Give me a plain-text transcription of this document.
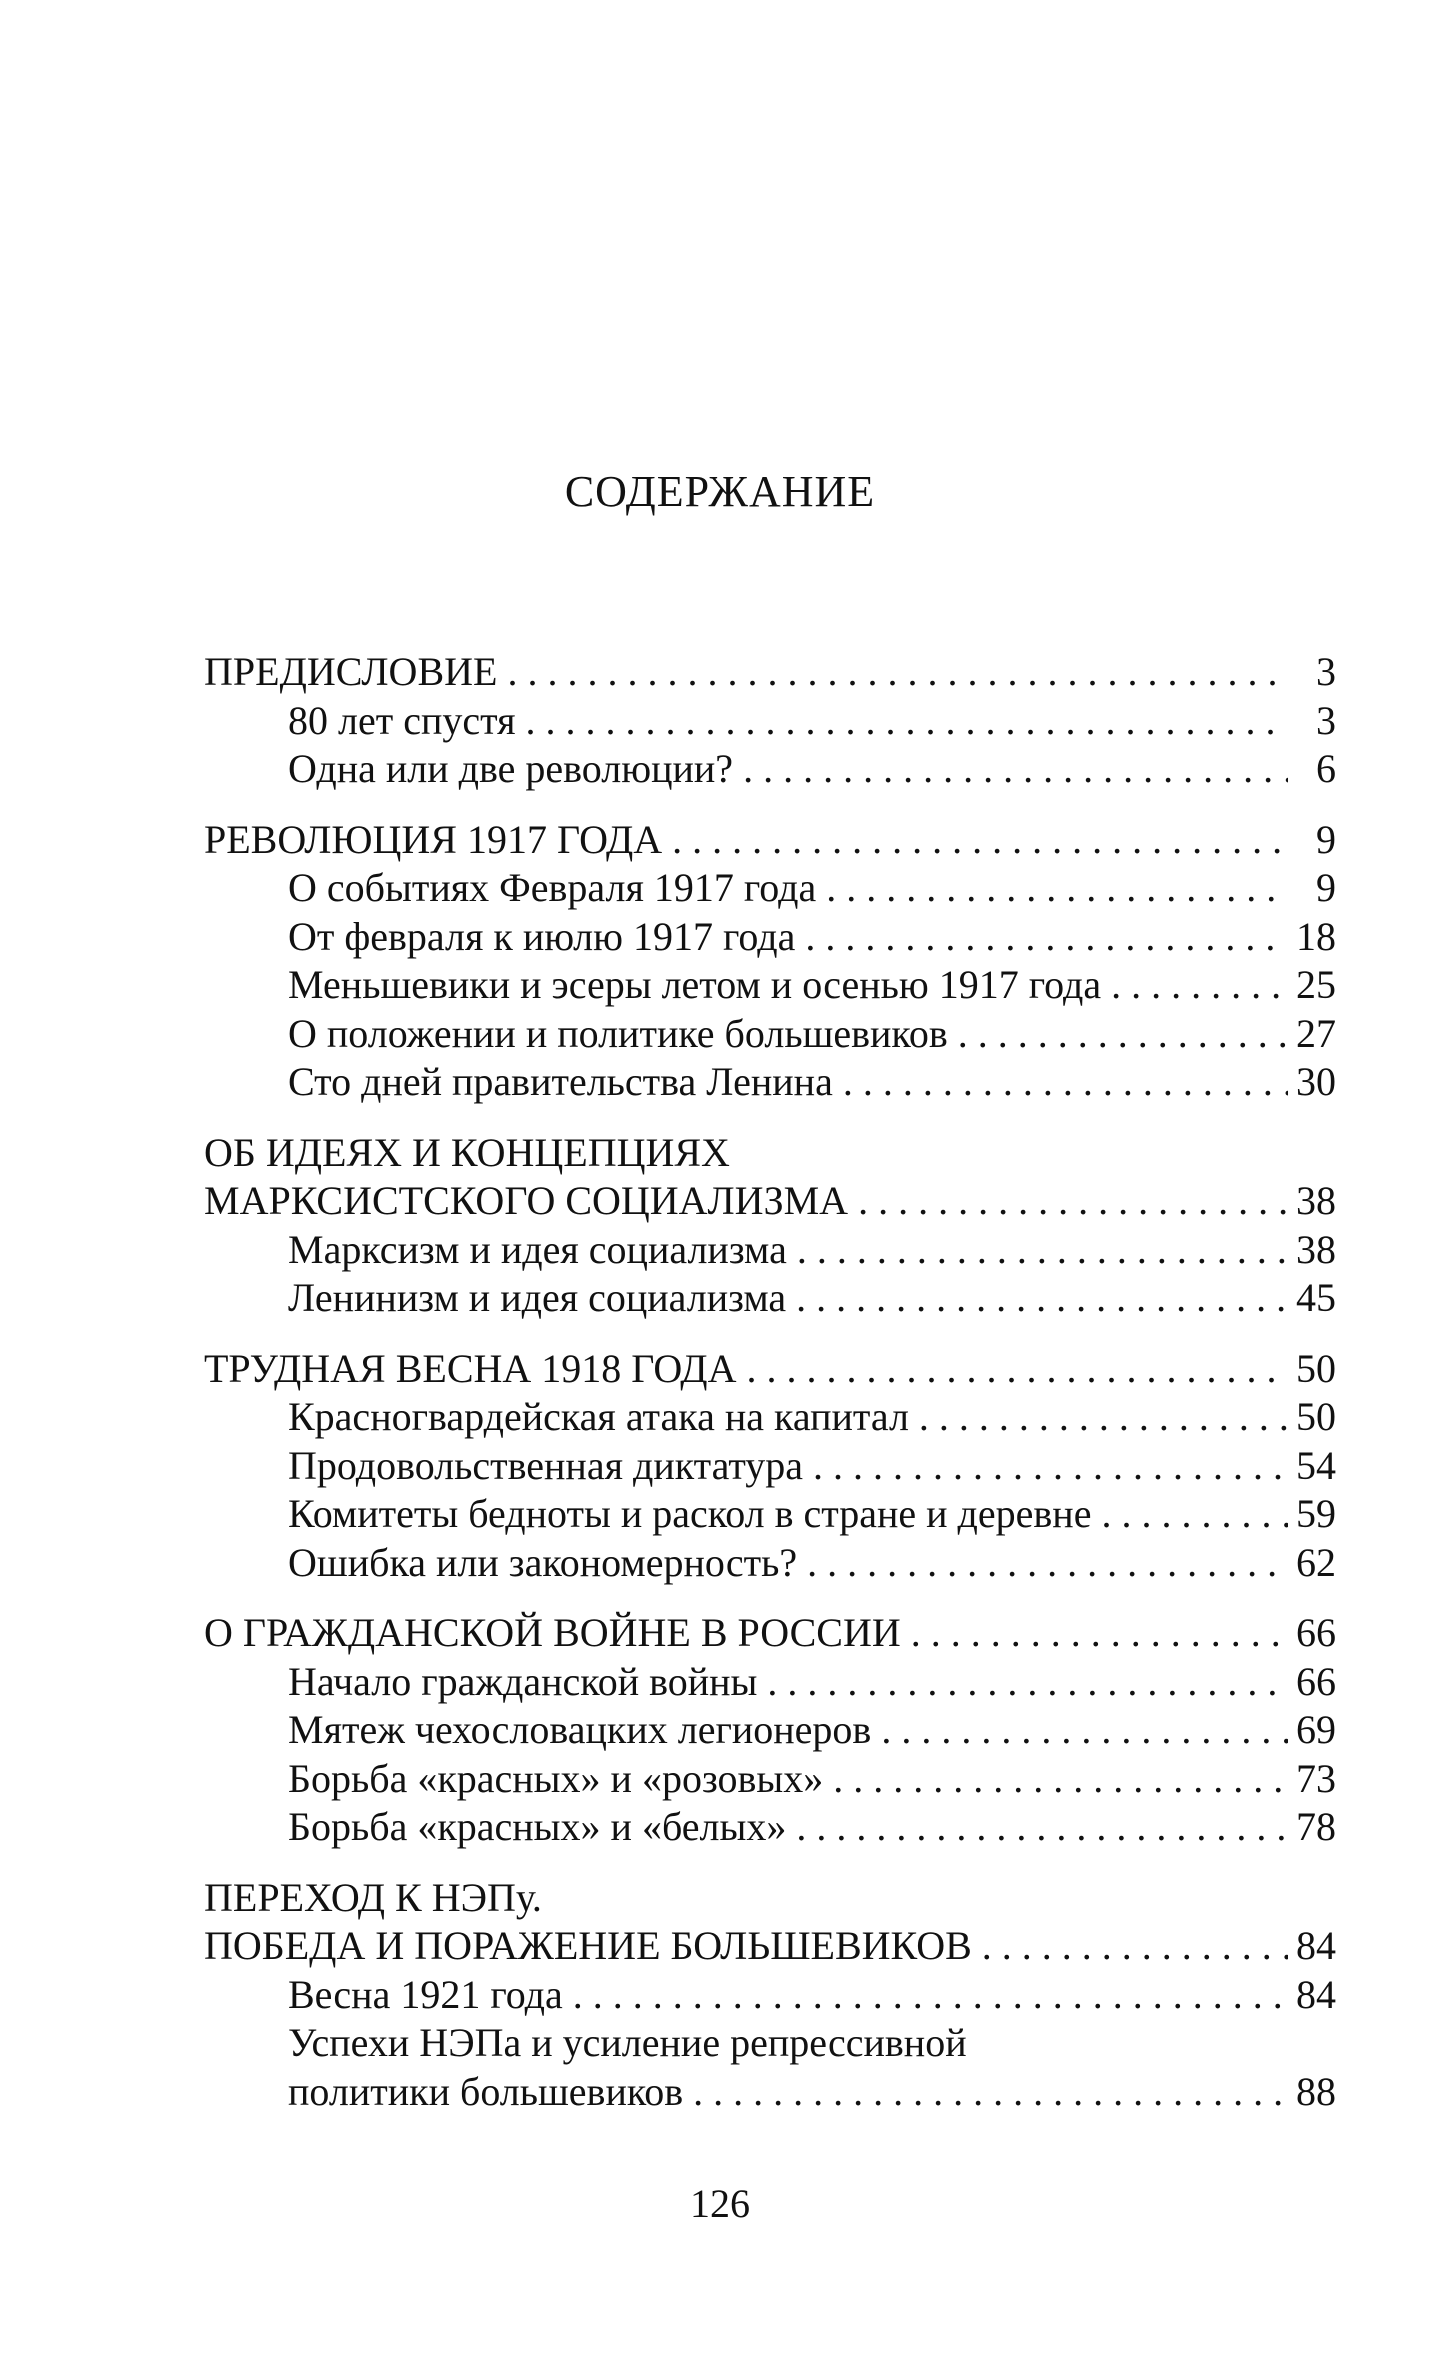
СОДЕРЖАНИЕ
ПРЕДИСЛОВИЕ . . .	3
80 лет спустя . . .	3
Одна или две революции? . . .	6
РЕВОЛЮЦИЯ 1917 ГОДА . . .	9
О событиях Февраля 1917 года . . .	9
От февраля к июлю 1917 года . . .	18
Меньшевики и эсеры летом и осенью 1917 года . . .	25
О положении и политике большевиков . . .	27
Сто дней правительства Ленина . . .	30
ОБ ИДЕЯХ И КОНЦЕПЦИЯХ
МАРКСИСТСКОГО СОЦИАЛИЗМА . . .	38
Марксизм и идея социализма . . .	38
Ленинизм и идея социализма . . .	45
ТРУДНАЯ ВЕСНА 1918 ГОДА . . .	50
Красногвардейская атака на капитал . . .	50
Продовольственная диктатура . . .	54
Комитеты бедноты и раскол в стране и деревне . . .	59
Ошибка или закономерность? . . .	62
О ГРАЖДАНСКОЙ ВОЙНЕ В РОССИИ . . .	66
Начало гражданской войны . . .	66
Мятеж чехословацких легионеров . . .	69
Борьба «красных» и «розовых» . . .	73
Борьба «красных» и «белых» . . .	78
ПЕРЕХОД К НЭПу.
ПОБЕДА И ПОРАЖЕНИЕ БОЛЬШЕВИКОВ . . .	84
Весна 1921 года . . .	84
Успехи НЭПа и усиление репрессивной
политики большевиков . . .	88
126
